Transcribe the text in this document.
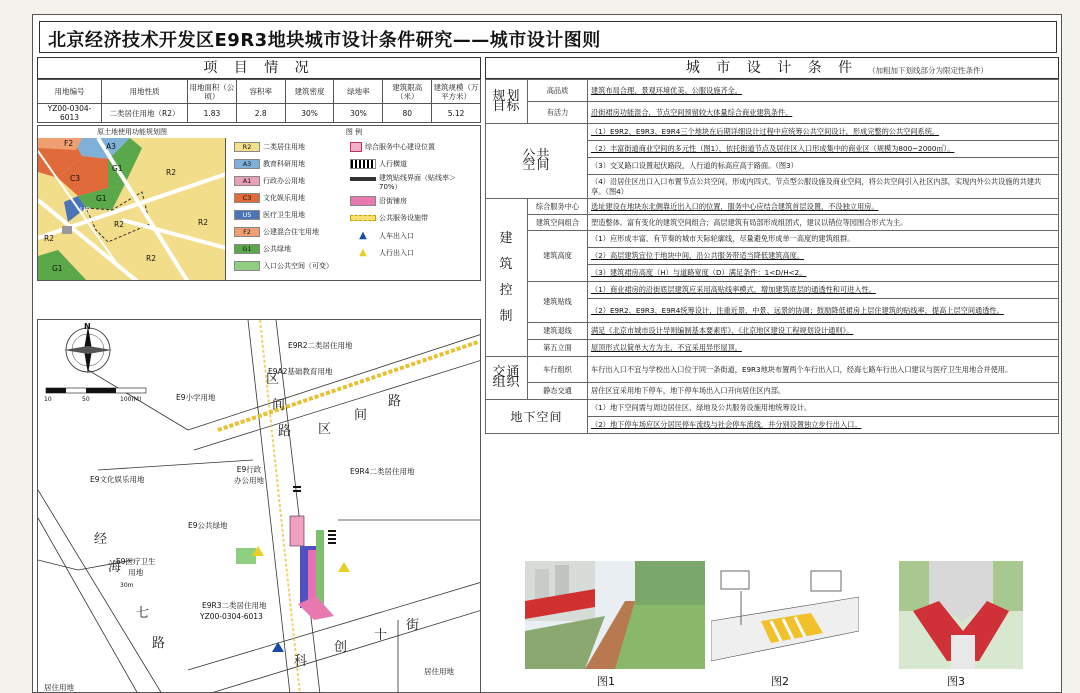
北京经济技术开发区E9R3地块城市设计条件研究——城市设计图则
项 目 情 况
用地编号	用地性质	用地面积（公顷）	容积率	建筑密度	绿地率	建筑限高（米）	建筑规模（万平方米）
YZ00-0304-6013	二类居住用地（R2）	1.83	2.8	30%	30%	80	5.12
原土地使用功能规划图
F2	A3
C3
G1
G1
R2
R2
R2
R2
R2
U5
G1
图 例
R2	二类居住用地
A3	教育科研用地
A1	行政办公用地
C3	文化娱乐用地
U5	医疗卫生用地
F2	公建混合住宅用地
G1	公共绿地
入口公共空间（可变）
综合服务中心建设位置
人行横道
建筑贴线界面（贴线率＞70%）
沿街铺房
公共服务设施带
▲	人车出入口
▲	人行出入口
N
10	50	100(M)
E9R2二类居住用地
E9A2基础教育用地
E9小学用地
E9文化娱乐用地
E9行政
办公用地
E9R4二类居住用地
E9公共绿地
E9医疗卫生
用地
E9R3二类居住用地
YZ00-0304-6013
居住用地
居住用地
区
间
路 区
间
路
经
海
30m
七
路
科
创
十
街
城 市 设 计 条 件 （加粗加下划线部分为限定性条件）
规划
目标	高品质	建筑布局合理、景观环境优美、公服设施齐全。
	有活力	沿街裙房功能混合，节点空间预留较大体量综合商业建筑条件。
公共
空间		（1）E9R2、E9R3、E9R4三个地块在后期详细设计过程中应统筹公共空间设计，形成完整的公共空间系统。
		（2）丰富街道商业空间的多元性（图1），依托街道节点及居住区入口形成集中的商业区（规模为800~2000㎡）。
		（3）交叉路口设置起伏路段，人行道的标高应高于路面。（图3）
		（4）沿居住区出口入口布置节点公共空间，形成内四式、节点型公服设施及商业空间，将公共空间引入社区内部，实现内外公共设施的共建共享。（图4）
建
筑
控
制	综合服务中心	选址建设在地块东北侧靠近出入口的位置，服务中心应结合建筑首层设置，不设独立用房。
	建筑空间组合	塑造整体、富有变化的建筑空间组合；高层建筑有局部形成组团式，建议以错位等园围合形式为主。
	建筑高度	（1）应形成丰富、有节奏的城市天际轮廓线，尽量避免形成单一高度的建筑组群。
		（2）高层建筑宜位于地块中间，沿公共服务带适当降低建筑高度。
		（3）建筑裙房高度（H）与道路宽度（D）满足条件：1<D/H<2。
	建筑贴线	（1）商业裙房的沿街底层建筑应采用高贴线率模式，增加建筑底层的通透性和可进入性。
		（2）E9R2、E9R3、E9R4统筹设计，注重近景、中景、远景的协调；鼓励降低裙房上层住建筑的贴线率，提高上层空间通透性。
	建筑退线	满足《北京市城市设计导则编制基本要素库》、《北京地区建设工程规划设计通则》。
	第五立面	屋顶形式以简单大方为主，不宜采用异形屋顶。
交通
组织	车行组织	车行出入口不宜与学校出入口位于同一条街道，E9R3地块布置两个车行出入口，经海七路车行出入口建议与医疗卫生用地合并使用。
	静态交通	居住区宜采用地下停车，地下停车场出入口开向居住区内部。
地下空间		（1）地下空间需与周边居住区、绿地及公共服务设施用地统筹设计。
		（2）地下停车场应区分居民停车流线与社会停车流线，并分别设置独立步行出入口。
图1	图2	图3
